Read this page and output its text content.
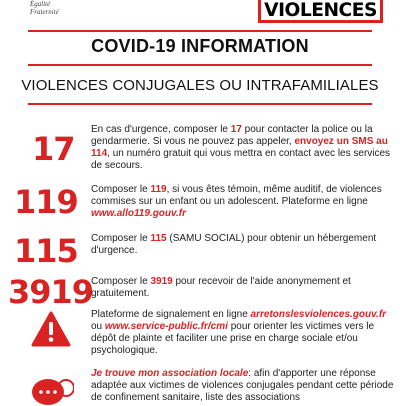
Égalité
Fraternité	VIOLENCES
COVID-19 INFORMATION
VIOLENCES CONJUGALES OU INTRAFAMILIALES
17
En cas d'urgence, composer le 17 pour contacter la police ou la gendarmerie. Si vous ne pouvez pas appeler, envoyez un SMS au 114, un numéro gratuit qui vous mettra en contact avec les services de secours.
119 Composer le 119, si vous êtes témoin, même auditif, de violences commises sur un enfant ou un adolescent. Plateforme en ligne www.allo119.gouv.fr
115 Composer le 115 (SAMU SOCIAL) pour obtenir un hébergement d'urgence.
3919
Composer le 3919 pour recevoir de l'aide anonymement et gratuitement.
Plateforme de signalement en ligne arretonslesviolences.gouv.fr ou www.service-public.fr/cmi pour orienter les victimes vers le dépôt de plainte et faciliter une prise en charge sociale et/ou psychologique.
Je trouve mon association locale: afin d'apporter une réponse adaptée aux victimes de violences conjugales pendant cette période de confinement sanitaire, liste des associations
